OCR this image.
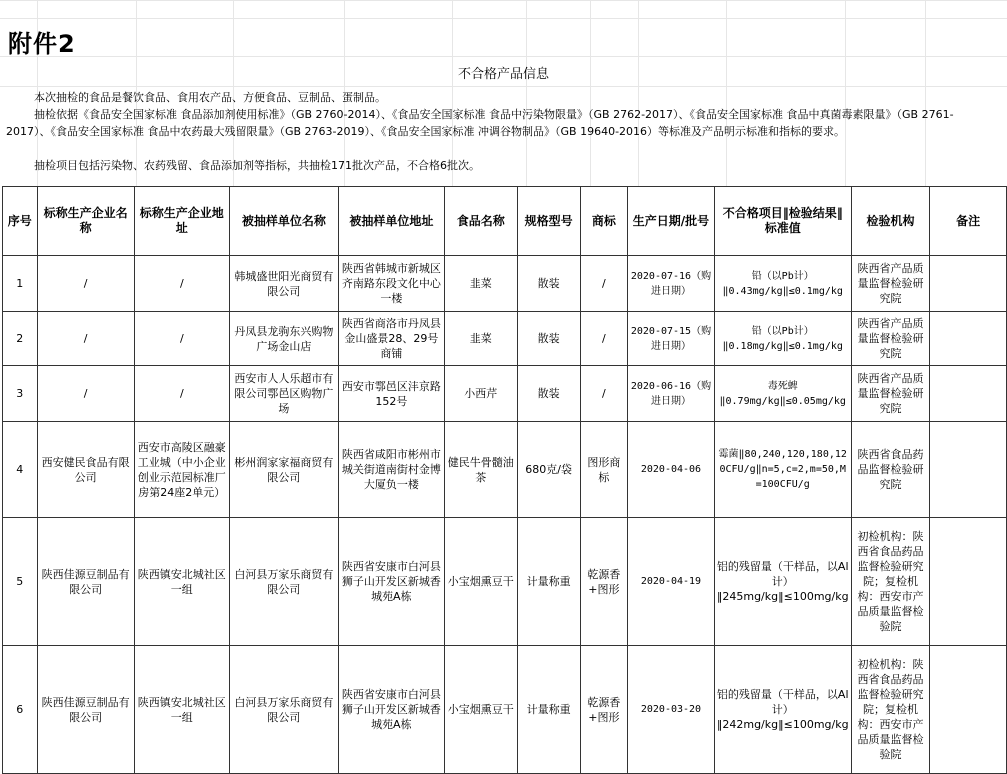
附件2
不合格产品信息
本次抽检的食品是餐饮食品、食用农产品、方便食品、豆制品、蛋制品。
抽检依据《食品安全国家标准 食品添加剂使用标准》（GB 2760-2014）、《食品安全国家标准 食品中污染物限量》（GB 2762-2017）、《食品安全国家标准 食品中真菌毒素限量》（GB 2761-2017）、《食品安全国家标准 食品中农药最大残留限量》（GB 2763-2019）、《食品安全国家标准 冲调谷物制品》（GB 19640-2016）等标准及产品明示标准和指标的要求。
抽检项目包括污染物、农药残留、食品添加剂等指标，共抽检171批次产品，不合格6批次。
序号	标称生产企业名称	标称生产企业地址	被抽样单位名称	被抽样单位地址	食品名称	规格型号	商标	生产日期/批号	不合格项目‖检验结果‖标准值	检验机构	备注
1	/	/	韩城盛世阳光商贸有限公司	陕西省韩城市新城区齐南路东段文化中心一楼	韭菜	散装	/	2020-07-16（购进日期）	铅（以Pb计）‖0.43mg/kg‖≤0.1mg/kg	陕西省产品质量监督检验研究院	
2	/	/	丹凤县龙驹东兴购物广场金山店	陕西省商洛市丹凤县金山盛景28、29号商铺	韭菜	散装	/	2020-07-15（购进日期）	铅（以Pb计）‖0.18mg/kg‖≤0.1mg/kg	陕西省产品质量监督检验研究院	
3	/	/	西安市人人乐超市有限公司鄠邑区购物广场	西安市鄠邑区沣京路152号	小西芹	散装	/	2020-06-16（购进日期）	毒死蜱‖0.79mg/kg‖≤0.05mg/kg	陕西省产品质量监督检验研究院	
4	西安健民食品有限公司	西安市高陵区融豪工业城（中小企业创业示范园标准厂房第24座2单元）	彬州润家家福商贸有限公司	陕西省咸阳市彬州市城关街道南街村金博大厦负一楼	健民牛骨髓油茶	680克/袋	图形商标	2020-04-06	霉菌‖80,240,120,180,120CFU/g‖n=5,c=2,m=50,M=100CFU/g	陕西省食品药品监督检验研究院	
5	陕西佳源豆制品有限公司	陕西镇安北城社区一组	白河县万家乐商贸有限公司	陕西省安康市白河县狮子山开发区新城香城苑A栋	小宝烟熏豆干	计量称重	乾源香+图形	2020-04-19	铝的残留量（干样品，以Al计）‖245mg/kg‖≤100mg/kg	初检机构：陕西省食品药品监督检验研究院；复检机构：西安市产品质量监督检验院	
6	陕西佳源豆制品有限公司	陕西镇安北城社区一组	白河县万家乐商贸有限公司	陕西省安康市白河县狮子山开发区新城香城苑A栋	小宝烟熏豆干	计量称重	乾源香+图形	2020-03-20	铝的残留量（干样品，以Al计）‖242mg/kg‖≤100mg/kg	初检机构：陕西省食品药品监督检验研究院；复检机构：西安市产品质量监督检验院	
